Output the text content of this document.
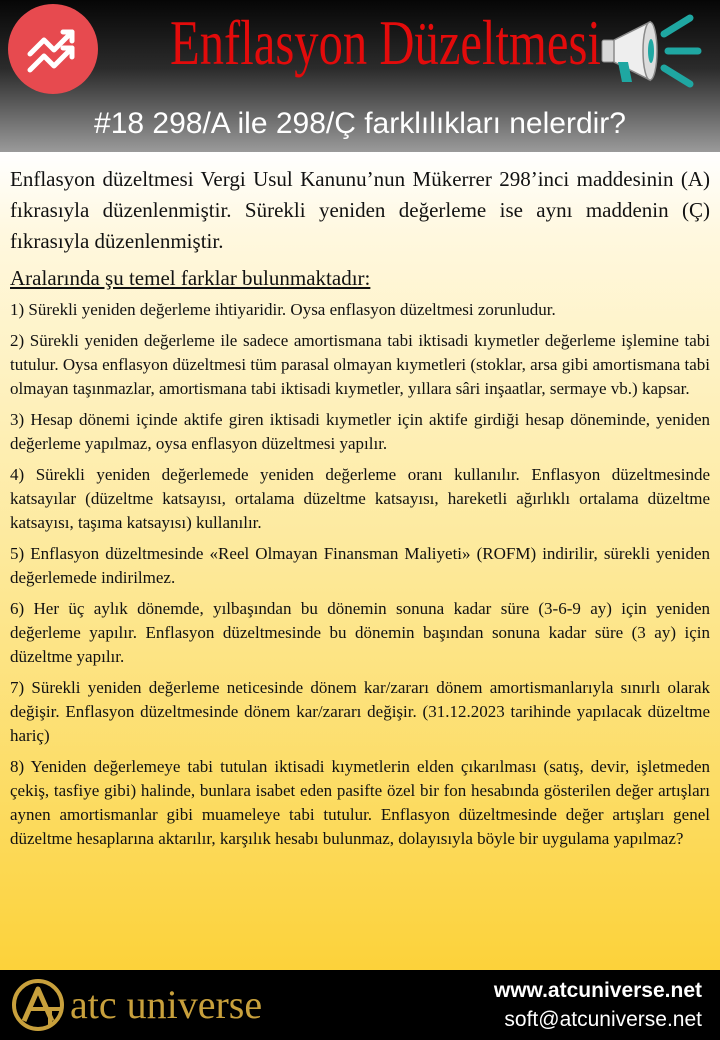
Enflasyon Düzeltmesi
#18 298/A ile 298/Ç farklılıkları nelerdir?

Enflasyon düzeltmesi Vergi Usul Kanunu’nun Mükerrer 298’inci maddesinin (A) fıkrasıyla düzenlenmiştir. Sürekli yeniden değerleme ise aynı maddenin (Ç) fıkrasıyla düzenlenmiştir.

Aralarında şu temel farklar bulunmaktadır:

1) Sürekli yeniden değerleme ihtiyaridir. Oysa enflasyon düzeltmesi zorunludur.

2) Sürekli yeniden değerleme ile sadece amortismana tabi iktisadi kıymetler değerleme işlemine tabi tutulur. Oysa enflasyon düzeltmesi tüm parasal olmayan kıymetleri (stoklar, arsa gibi amortismana tabi olmayan taşınmazlar, amortismana tabi iktisadi kıymetler, yıllara sâri inşaatlar, sermaye vb.) kapsar.

3) Hesap dönemi içinde aktife giren iktisadi kıymetler için aktife girdiği hesap döneminde, yeniden değerleme yapılmaz, oysa enflasyon düzeltmesi yapılır.

4) Sürekli yeniden değerlemede yeniden değerleme oranı kullanılır. Enflasyon düzeltmesinde katsayılar (düzeltme katsayısı, ortalama düzeltme katsayısı, hareketli ağırlıklı ortalama düzeltme katsayısı, taşıma katsayısı) kullanılır.

5) Enflasyon düzeltmesinde «Reel Olmayan Finansman Maliyeti» (ROFM) indirilir, sürekli yeniden değerlemede indirilmez.

6) Her üç aylık dönemde, yılbaşından bu dönemin sonuna kadar süre (3-6-9 ay) için yeniden değerleme yapılır. Enflasyon düzeltmesinde bu dönemin başından sonuna kadar süre (3 ay) için düzeltme yapılır.

7) Sürekli yeniden değerleme neticesinde dönem kar/zararı dönem amortismanlarıyla sınırlı olarak değişir. Enflasyon düzeltmesinde dönem kar/zararı değişir. (31.12.2023 tarihinde yapılacak düzeltme hariç)

8) Yeniden değerlemeye tabi tutulan iktisadi kıymetlerin elden çıkarılması (satış, devir, işletmeden çekiş, tasfiye gibi) halinde, bunlara isabet eden pasifte özel bir fon hesabında gösterilen değer artışları aynen amortismanlar gibi muameleye tabi tutulur. Enflasyon düzeltmesinde değer artışları genel düzeltme hesaplarına aktarılır, karşılık hesabı bulunmaz, dolayısıyla böyle bir uygulama yapılmaz?

atc universe	www.atcuniverse.net
soft@atcuniverse.net
